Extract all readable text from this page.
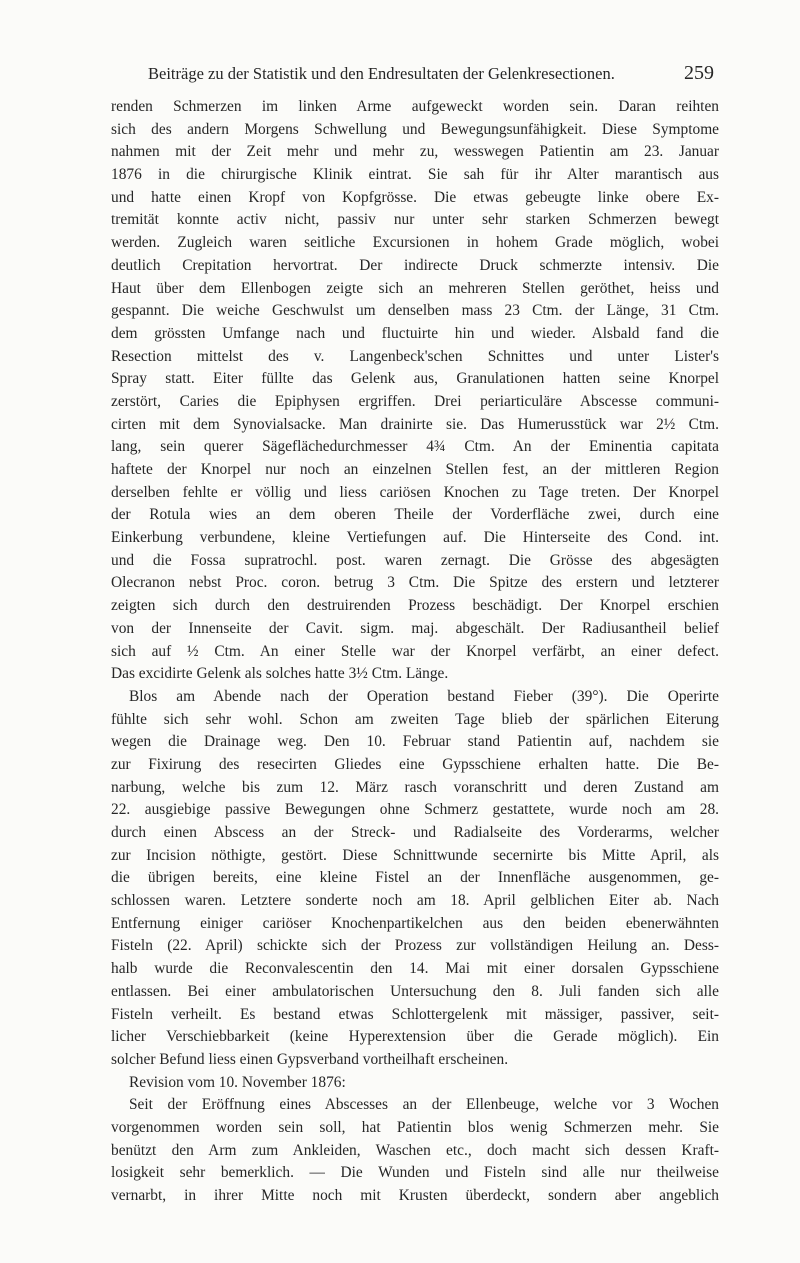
Beiträge zu der Statistik und den Endresultaten der Gelenkresectionen.	259
renden Schmerzen im linken Arme aufgeweckt worden sein. Daran reihten
sich des andern Morgens Schwellung und Bewegungsunfähigkeit. Diese Symptome
nahmen mit der Zeit mehr und mehr zu, wesswegen Patientin am 23. Januar
1876 in die chirurgische Klinik eintrat. Sie sah für ihr Alter marantisch aus
und hatte einen Kropf von Kopfgrösse. Die etwas gebeugte linke obere Ex-
tremität konnte activ nicht, passiv nur unter sehr starken Schmerzen bewegt
werden. Zugleich waren seitliche Excursionen in hohem Grade möglich, wobei
deutlich Crepitation hervortrat. Der indirecte Druck schmerzte intensiv. Die
Haut über dem Ellenbogen zeigte sich an mehreren Stellen geröthet, heiss und
gespannt. Die weiche Geschwulst um denselben mass 23 Ctm. der Länge, 31 Ctm.
dem grössten Umfange nach und fluctuirte hin und wieder. Alsbald fand die
Resection mittelst des v. Langenbeck'schen Schnittes und unter Lister's
Spray statt. Eiter füllte das Gelenk aus, Granulationen hatten seine Knorpel
zerstört, Caries die Epiphysen ergriffen. Drei periarticuläre Abscesse communi-
cirten mit dem Synovialsacke. Man drainirte sie. Das Humerusstück war 2½ Ctm.
lang, sein querer Sägeflächedurchmesser 4¾ Ctm. An der Eminentia capitata
haftete der Knorpel nur noch an einzelnen Stellen fest, an der mittleren Region
derselben fehlte er völlig und liess cariösen Knochen zu Tage treten. Der Knorpel
der Rotula wies an dem oberen Theile der Vorderfläche zwei, durch eine
Einkerbung verbundene, kleine Vertiefungen auf. Die Hinterseite des Cond. int.
und die Fossa supratrochl. post. waren zernagt. Die Grösse des abgesägten
Olecranon nebst Proc. coron. betrug 3 Ctm. Die Spitze des erstern und letzterer
zeigten sich durch den destruirenden Prozess beschädigt. Der Knorpel erschien
von der Innenseite der Cavit. sigm. maj. abgeschält. Der Radiusantheil belief
sich auf ½ Ctm. An einer Stelle war der Knorpel verfärbt, an einer defect.
Das excidirte Gelenk als solches hatte 3½ Ctm. Länge.
Blos am Abende nach der Operation bestand Fieber (39°). Die Operirte
fühlte sich sehr wohl. Schon am zweiten Tage blieb der spärlichen Eiterung
wegen die Drainage weg. Den 10. Februar stand Patientin auf, nachdem sie
zur Fixirung des resecirten Gliedes eine Gypsschiene erhalten hatte. Die Be-
narbung, welche bis zum 12. März rasch voranschritt und deren Zustand am
22. ausgiebige passive Bewegungen ohne Schmerz gestattete, wurde noch am 28.
durch einen Abscess an der Streck- und Radialseite des Vorderarms, welcher
zur Incision nöthigte, gestört. Diese Schnittwunde secernirte bis Mitte April, als
die übrigen bereits, eine kleine Fistel an der Innenfläche ausgenommen, ge-
schlossen waren. Letztere sonderte noch am 18. April gelblichen Eiter ab. Nach
Entfernung einiger cariöser Knochenpartikelchen aus den beiden ebenerwähnten
Fisteln (22. April) schickte sich der Prozess zur vollständigen Heilung an. Dess-
halb wurde die Reconvalescentin den 14. Mai mit einer dorsalen Gypsschiene
entlassen. Bei einer ambulatorischen Untersuchung den 8. Juli fanden sich alle
Fisteln verheilt. Es bestand etwas Schlottergelenk mit mässiger, passiver, seit-
licher Verschiebbarkeit (keine Hyperextension über die Gerade möglich). Ein
solcher Befund liess einen Gypsverband vortheilhaft erscheinen.
Revision vom 10. November 1876:
Seit der Eröffnung eines Abscesses an der Ellenbeuge, welche vor 3 Wochen
vorgenommen worden sein soll, hat Patientin blos wenig Schmerzen mehr. Sie
benützt den Arm zum Ankleiden, Waschen etc., doch macht sich dessen Kraft-
losigkeit sehr bemerklich. — Die Wunden und Fisteln sind alle nur theilweise
vernarbt, in ihrer Mitte noch mit Krusten überdeckt, sondern aber angeblich
